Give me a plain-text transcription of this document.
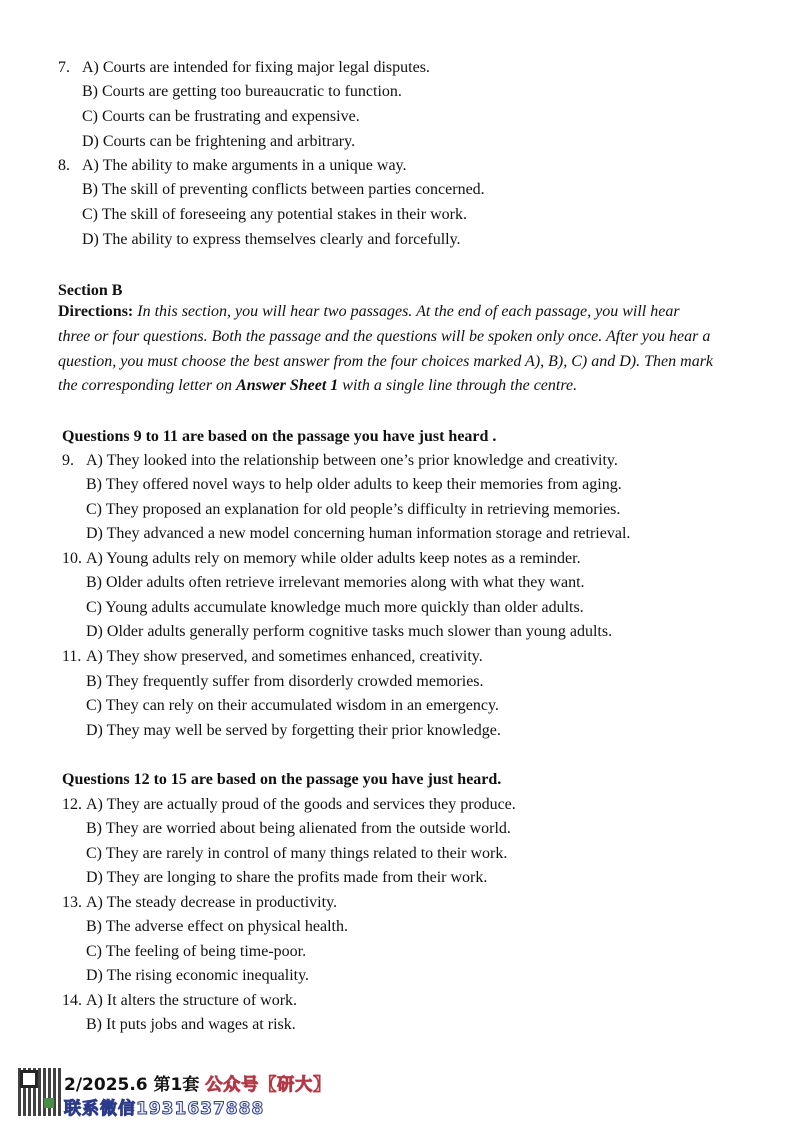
7. A) Courts are intended for fixing major legal disputes.
B) Courts are getting too bureaucratic to function.
C) Courts can be frustrating and expensive.
D) Courts can be frightening and arbitrary.
8. A) The ability to make arguments in a unique way.
B) The skill of preventing conflicts between parties concerned.
C) The skill of foreseeing any potential stakes in their work.
D) The ability to express themselves clearly and forcefully.
Section B
Directions: In this section, you will hear two passages. At the end of each passage, you will hear
three or four questions. Both the passage and the questions will be spoken only once. After you hear a
question, you must choose the best answer from the four choices marked A), B), C) and D). Then mark
the corresponding letter on Answer Sheet 1 with a single line through the centre.
Questions 9 to 11 are based on the passage you have just heard .
9. A) They looked into the relationship between one’s prior knowledge and creativity.
B) They offered novel ways to help older adults to keep their memories from aging.
C) They proposed an explanation for old people’s difficulty in retrieving memories.
D) They advanced a new model concerning human information storage and retrieval.
10. A) Young adults rely on memory while older adults keep notes as a reminder.
B) Older adults often retrieve irrelevant memories along with what they want.
C) Young adults accumulate knowledge much more quickly than older adults.
D) Older adults generally perform cognitive tasks much slower than young adults.
11. A) They show preserved, and sometimes enhanced, creativity.
B) They frequently suffer from disorderly crowded memories.
C) They can rely on their accumulated wisdom in an emergency.
D) They may well be served by forgetting their prior knowledge.
Questions 12 to 15 are based on the passage you have just heard.
12. A) They are actually proud of the goods and services they produce.
B) They are worried about being alienated from the outside world.
C) They are rarely in control of many things related to their work.
D) They are longing to share the profits made from their work.
13. A) The steady decrease in productivity.
B) The adverse effect on physical health.
C) The feeling of being time-poor.
D) The rising economic inequality.
14. A) It alters the structure of work.
B) It puts jobs and wages at risk.
2/2025.6 第1套 公众号【研大】
联系微信1931637888
